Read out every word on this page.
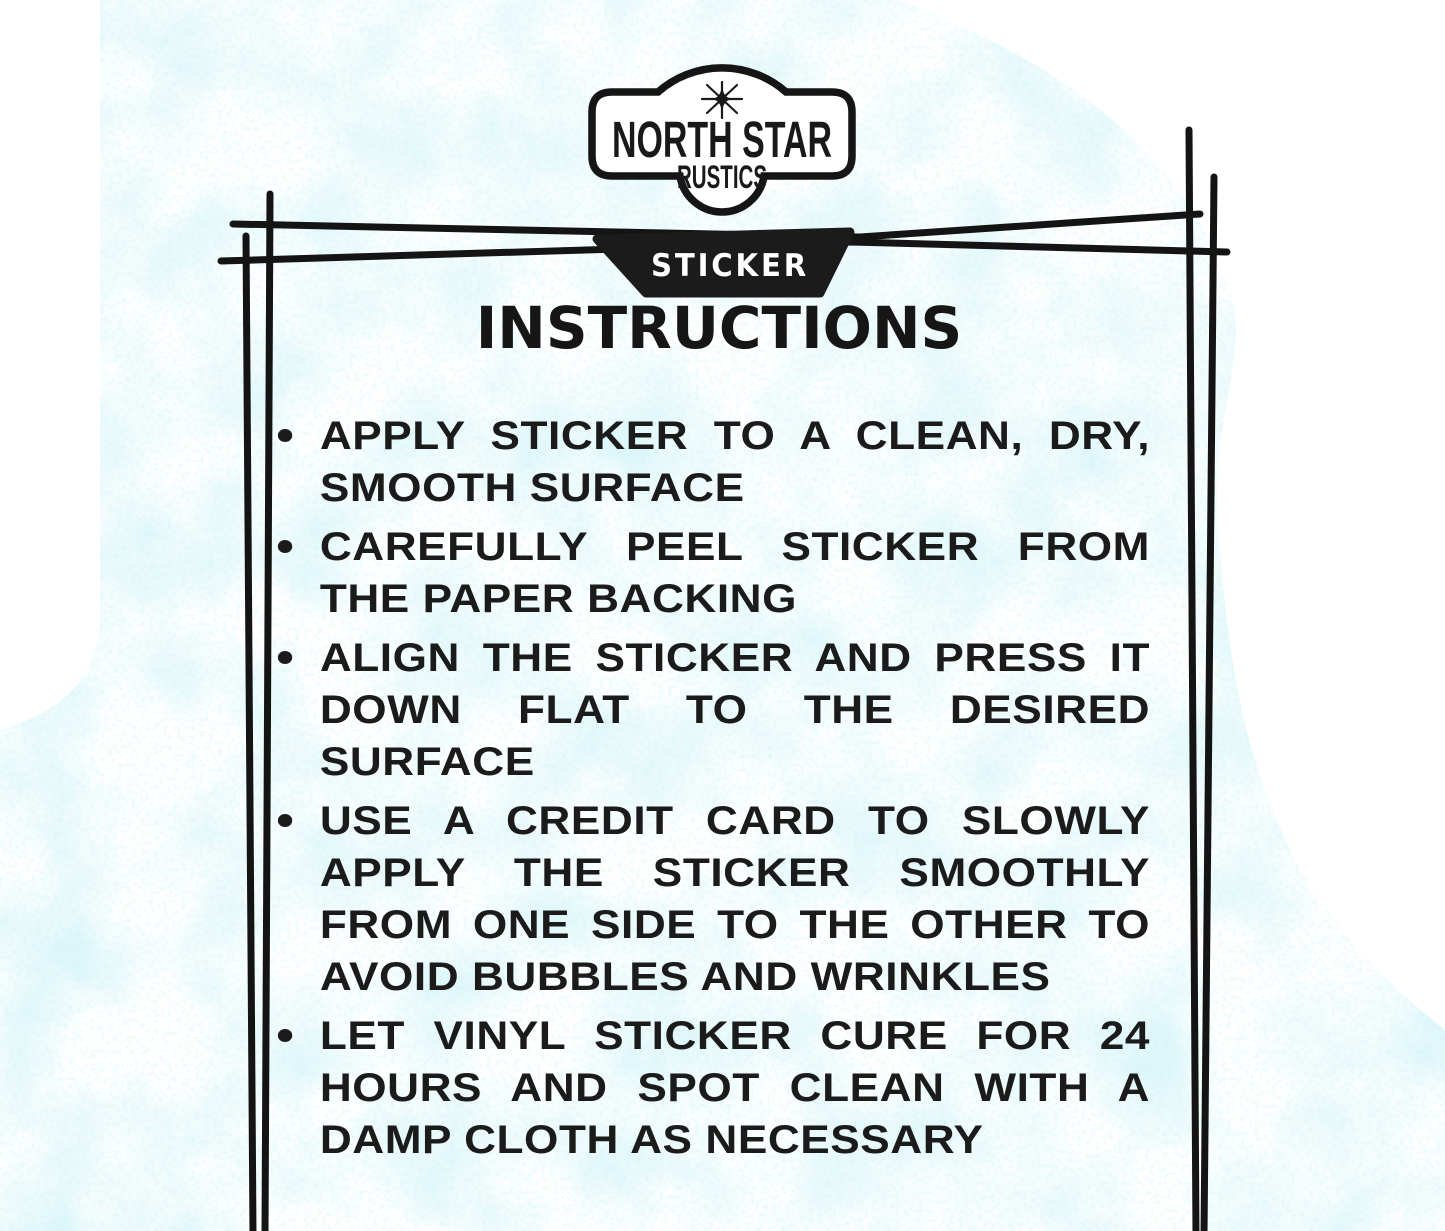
STICKER
NORTH STAR
RUSTICS
INSTRUCTIONS
APPLY STICKER TO A CLEAN, DRY, SMOOTH SURFACE
CAREFULLY PEEL STICKER FROM THE PAPER BACKING
ALIGN THE STICKER AND PRESS IT DOWN FLAT TO THE DESIRED SURFACE
USE A CREDIT CARD TO SLOWLY APPLY THE STICKER SMOOTHLY FROM ONE SIDE TO THE OTHER TO AVOID BUBBLES AND WRINKLES
LET VINYL STICKER CURE FOR 24 HOURS AND SPOT CLEAN WITH A DAMP CLOTH AS NECESSARY
